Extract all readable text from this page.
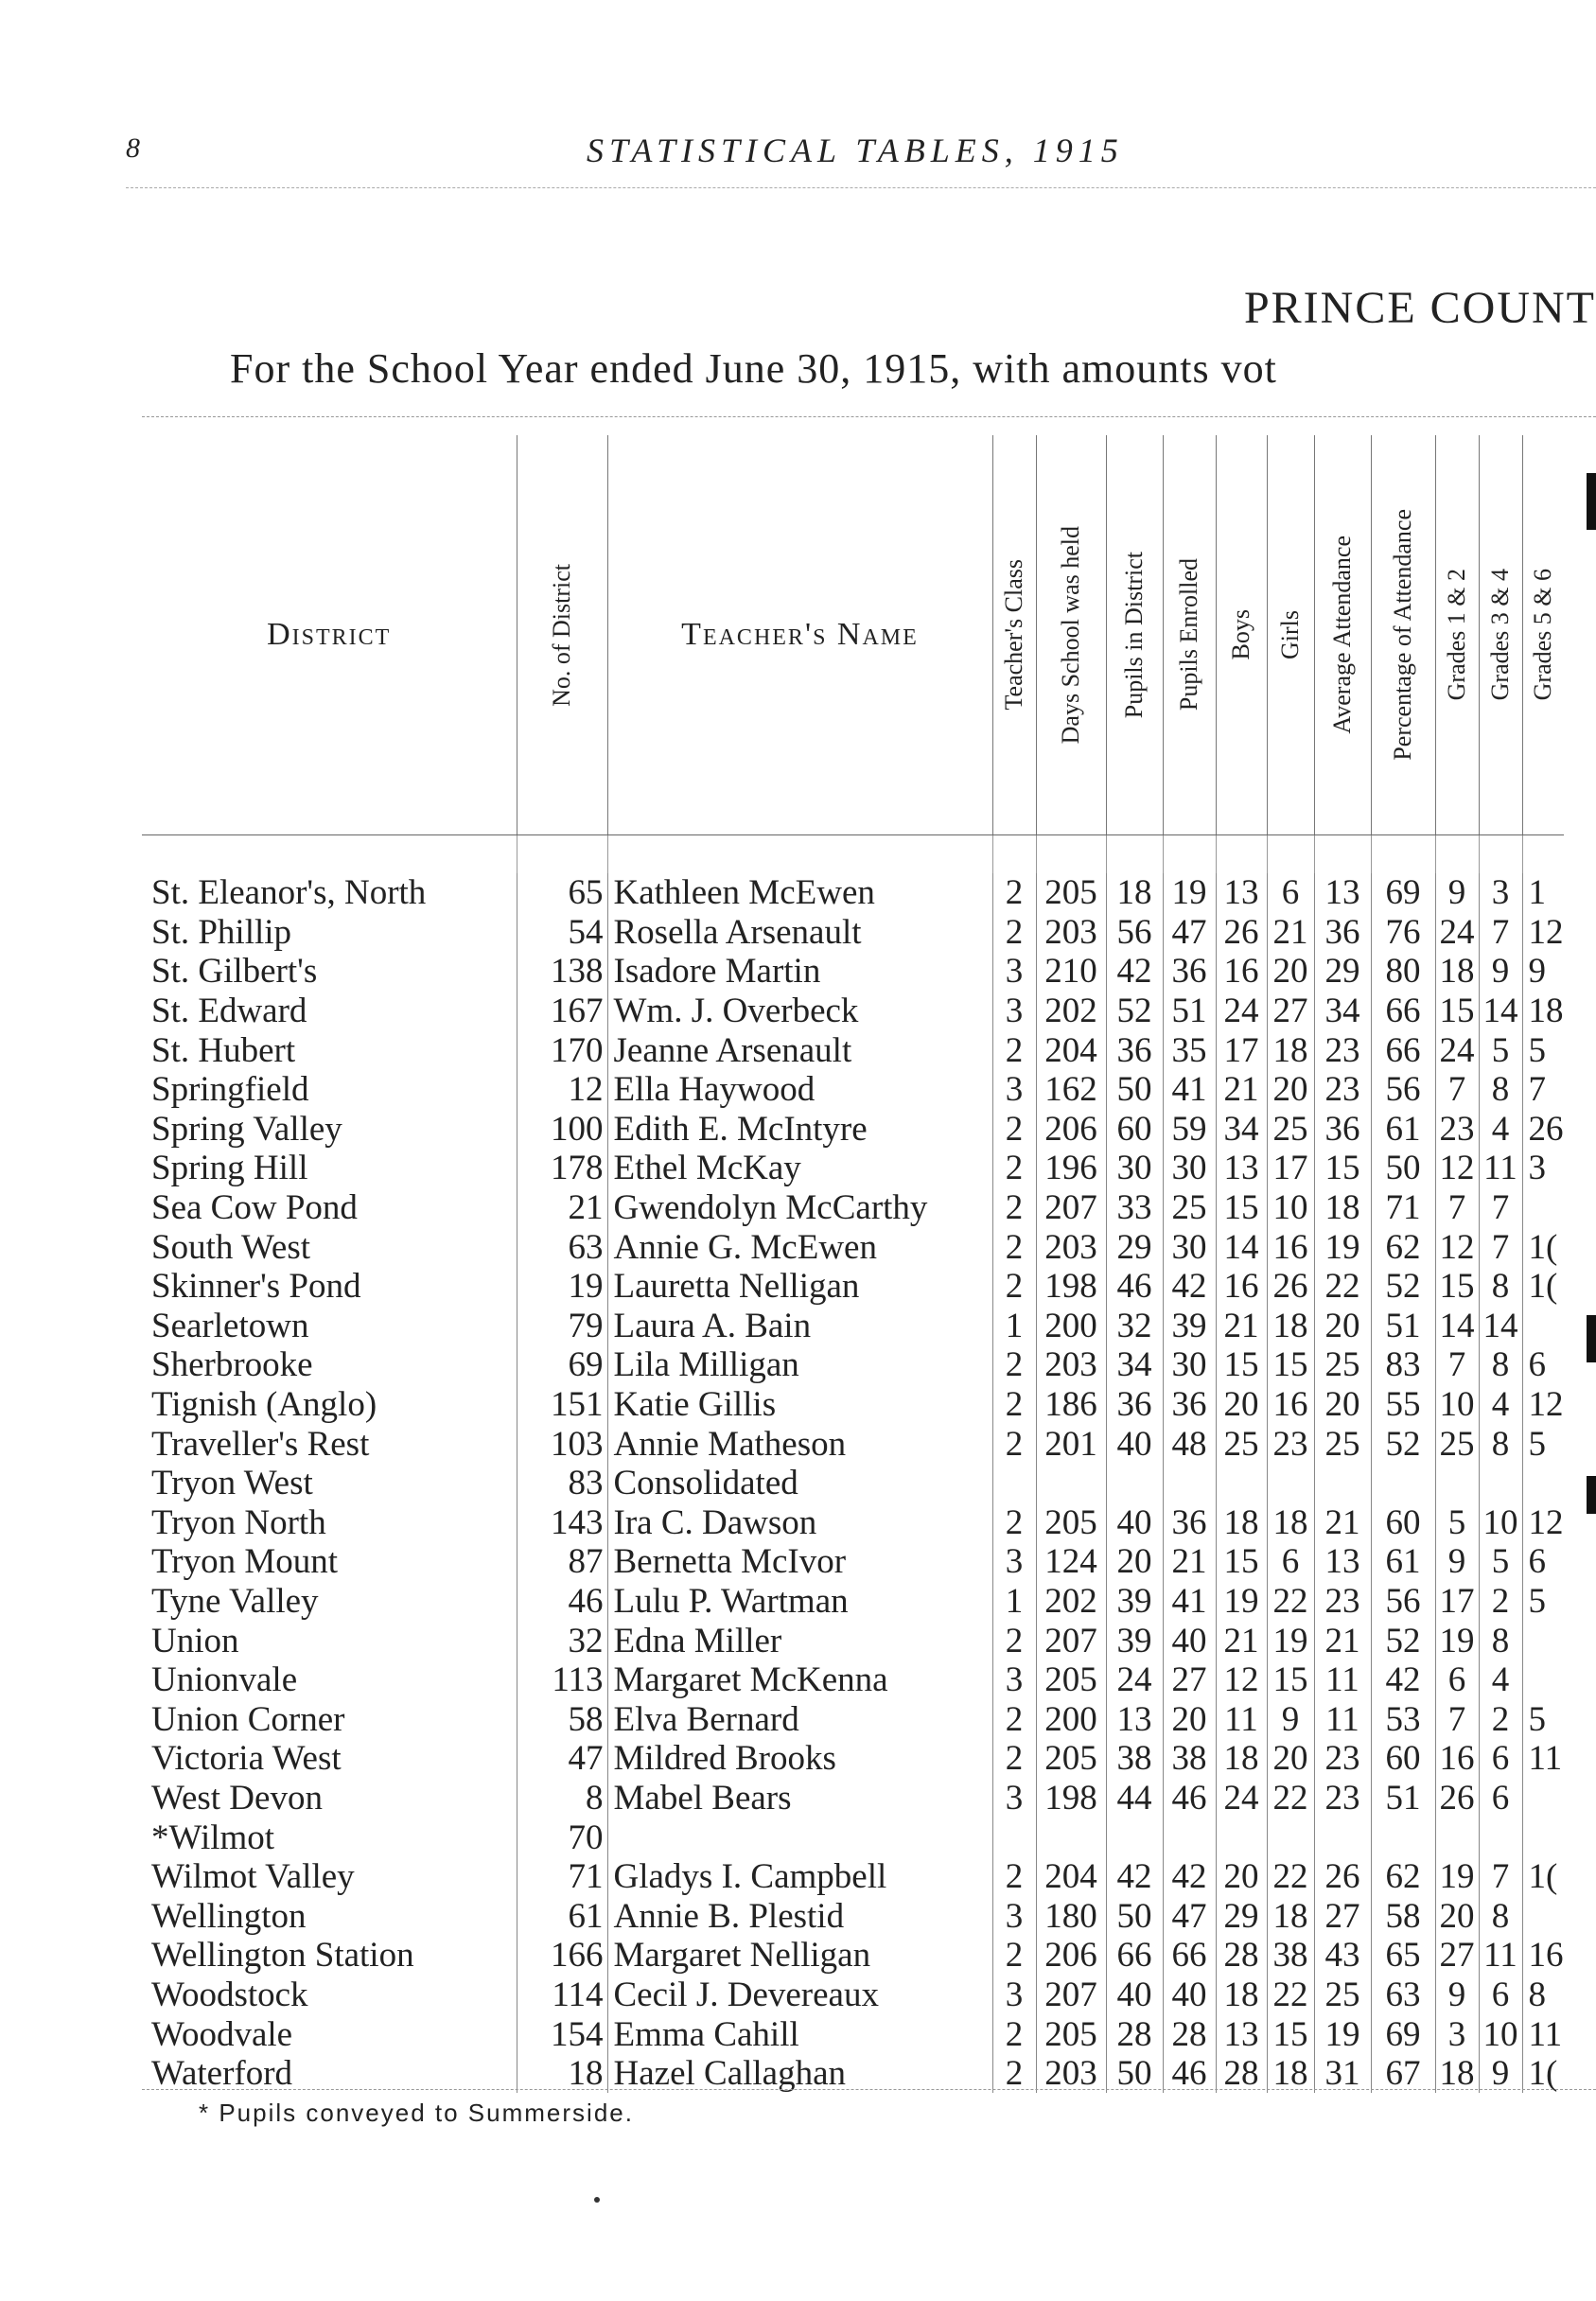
8	STATISTICAL TABLES, 1915
PRINCE COUNT
For the School Year ended June 30, 1915, with amounts vot
District	No. of District	Teacher's Name	Teacher's Class	Days School was held	Pupils in District	Pupils Enrolled	Boys	Girls	Average Attendance	Percentage of Attendance	Grades 1 & 2	Grades 3 & 4	Grades 5 & 6

St. Eleanor's, North	65	Kathleen McEwen	2	205	18	19	13	6	13	69	9	3	1
St. Phillip	54	Rosella Arsenault	2	203	56	47	26	21	36	76	24	7	12
St. Gilbert's	138	Isadore Martin	3	210	42	36	16	20	29	80	18	9	9
St. Edward	167	Wm. J. Overbeck	3	202	52	51	24	27	34	66	15	14	18
St. Hubert	170	Jeanne Arsenault	2	204	36	35	17	18	23	66	24	5	5
Springfield	12	Ella Haywood	3	162	50	41	21	20	23	56	7	8	7
Spring Valley	100	Edith E. McIntyre	2	206	60	59	34	25	36	61	23	4	26
Spring Hill	178	Ethel McKay	2	196	30	30	13	17	15	50	12	11	3
Sea Cow Pond	21	Gwendolyn McCarthy	2	207	33	25	15	10	18	71	7	7	
South West	63	Annie G. McEwen	2	203	29	30	14	16	19	62	12	7	1(
Skinner's Pond	19	Lauretta Nelligan	2	198	46	42	16	26	22	52	15	8	1(
Searletown	79	Laura A. Bain	1	200	32	39	21	18	20	51	14	14	
Sherbrooke	69	Lila Milligan	2	203	34	30	15	15	25	83	7	8	6
Tignish (Anglo)	151	Katie Gillis	2	186	36	36	20	16	20	55	10	4	12
Traveller's Rest	103	Annie Matheson	2	201	40	48	25	23	25	52	25	8	5
Tryon West	83	Consolidated											
Tryon North	143	Ira C. Dawson	2	205	40	36	18	18	21	60	5	10	12
Tryon Mount	87	Bernetta McIvor	3	124	20	21	15	6	13	61	9	5	6
Tyne Valley	46	Lulu P. Wartman	1	202	39	41	19	22	23	56	17	2	5
Union	32	Edna Miller	2	207	39	40	21	19	21	52	19	8	
Unionvale	113	Margaret McKenna	3	205	24	27	12	15	11	42	6	4	
Union Corner	58	Elva Bernard	2	200	13	20	11	9	11	53	7	2	5
Victoria West	47	Mildred Brooks	2	205	38	38	18	20	23	60	16	6	11
West Devon	8	Mabel Bears	3	198	44	46	24	22	23	51	26	6	
*Wilmot	70												
Wilmot Valley	71	Gladys I. Campbell	2	204	42	42	20	22	26	62	19	7	1(
Wellington	61	Annie B. Plestid	3	180	50	47	29	18	27	58	20	8	
Wellington Station	166	Margaret Nelligan	2	206	66	66	28	38	43	65	27	11	16
Woodstock	114	Cecil J. Devereaux	3	207	40	40	18	22	25	63	9	6	8
Woodvale	154	Emma Cahill	2	205	28	28	13	15	19	69	3	10	11
Waterford	18	Hazel Callaghan	2	203	50	46	28	18	31	67	18	9	1(
* Pupils conveyed to Summerside.
